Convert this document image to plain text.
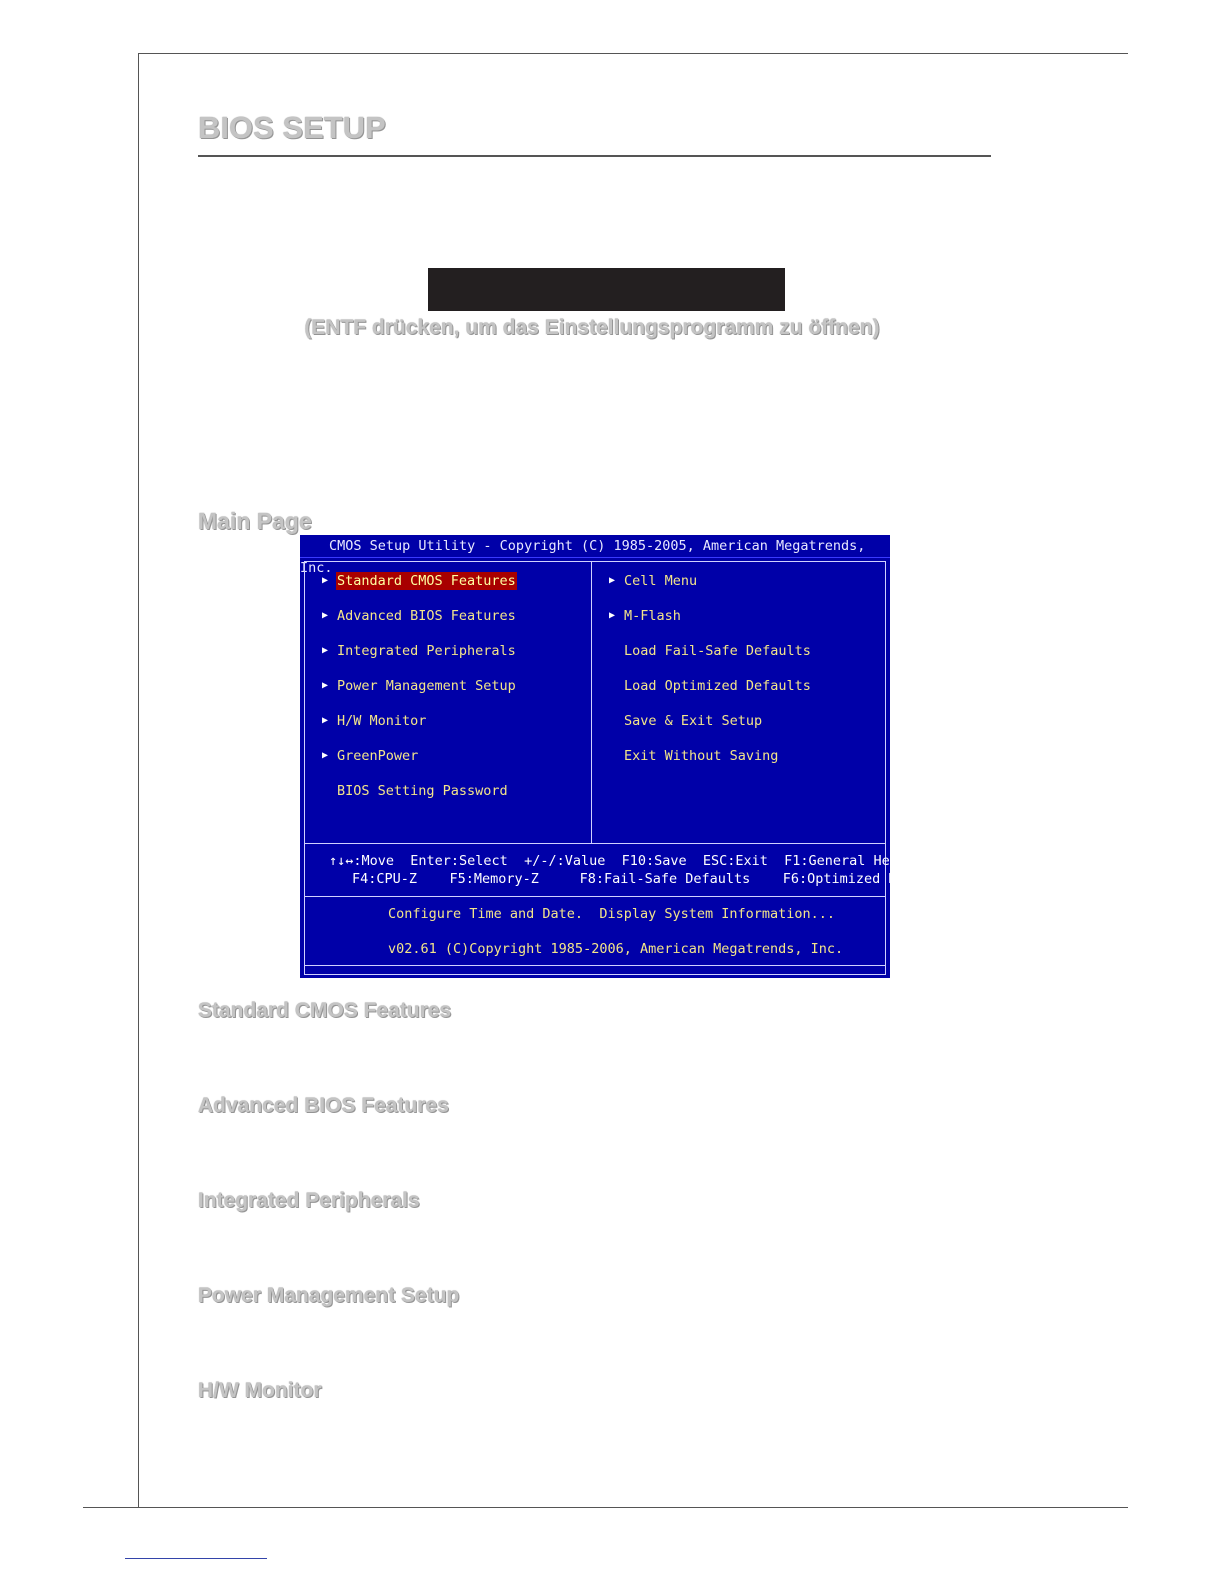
BIOS SETUP
(ENTF drücken, um das Einstellungsprogramm zu öffnen)
Main Page
CMOS Setup Utility - Copyright (C) 1985-2005, American Megatrends, Inc.

▶

Standard CMOS Features

▶

Advanced BIOS Features

▶

Integrated Peripherals

▶

Power Management Setup

▶

H/W Monitor

▶

GreenPower

BIOS Setting Password

▶

Cell Menu

▶

M-Flash

Load Fail-Safe Defaults

Load Optimized Defaults

Save & Exit Setup

Exit Without Saving

↑↓↔:Move  Enter:Select  +/-/:Value  F10:Save  ESC:Exit  F1:General Help
F4:CPU-Z    F5:Memory-Z     F8:Fail-Safe Defaults    F6:Optimized Defau
Configure Time and Date.  Display System Information...
v02.61 (C)Copyright 1985-2006, American Megatrends, Inc.
Standard CMOS Features
Advanced BIOS Features
Integrated Peripherals
Power Management Setup
H/W Monitor
